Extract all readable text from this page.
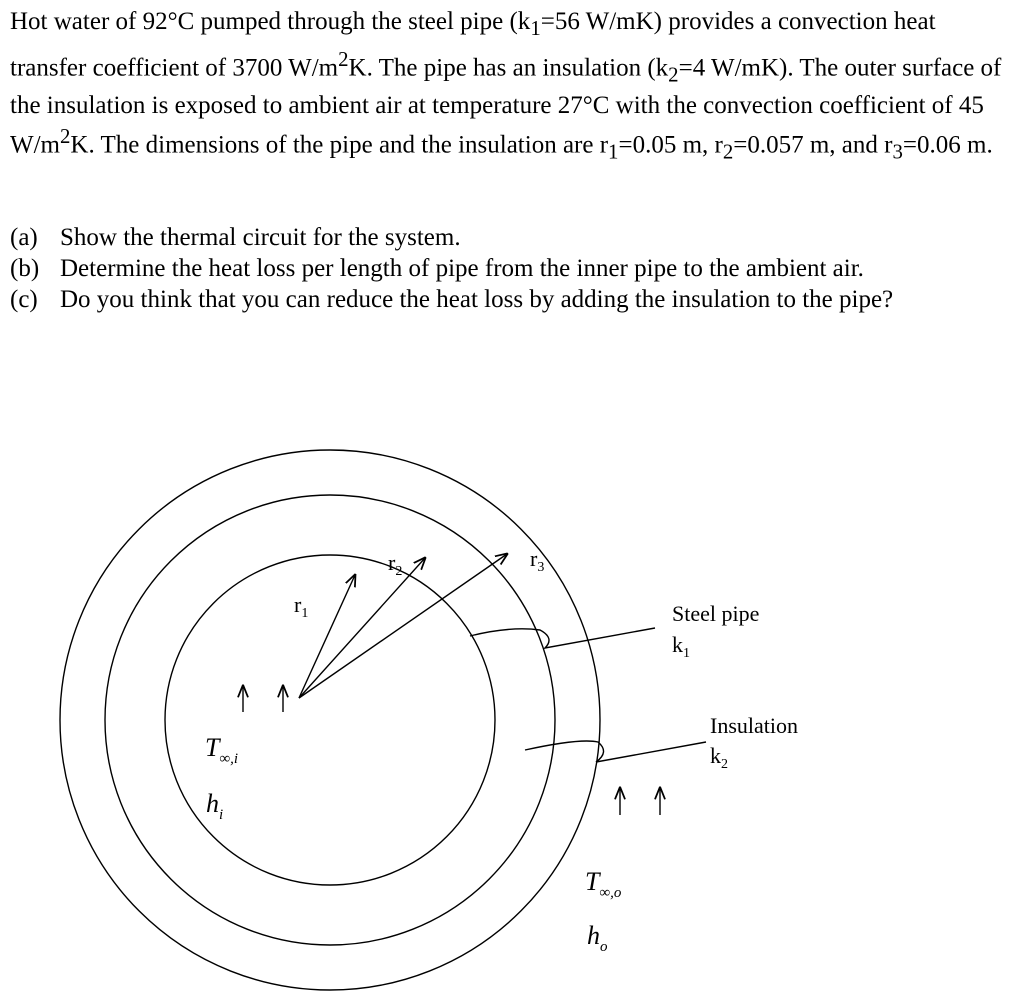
Hot water of 92°C pumped through the steel pipe ($k_1=56$ W/mK) provides a convection heat transfer coefficient of 3700 $W/m^2K$. The pipe has an insulation ($k_2=4$ W/mK). The outer surface of the insulation is exposed to ambient air at temperature 27°C with the convection coefficient of 45 $W/m^2K$. The dimensions of the pipe and the insulation are $r_1=0.05$ m, $r_2=0.057$ m, and $r_3=0.06$ m.

(a) Show the thermal circuit for the system.
(b) Determine the heat loss per length of pipe from the inner pipe to the ambient air.
(c) Do you think that you can reduce the heat loss by adding the insulation to the pipe?
$r_1$
$r_2$
$r_3$
Steel pipe
$k_1$
Insulation
$k_2$
$T_{\infty,i}$
$h_i$
$T_{\infty,o}$
$h_o$
